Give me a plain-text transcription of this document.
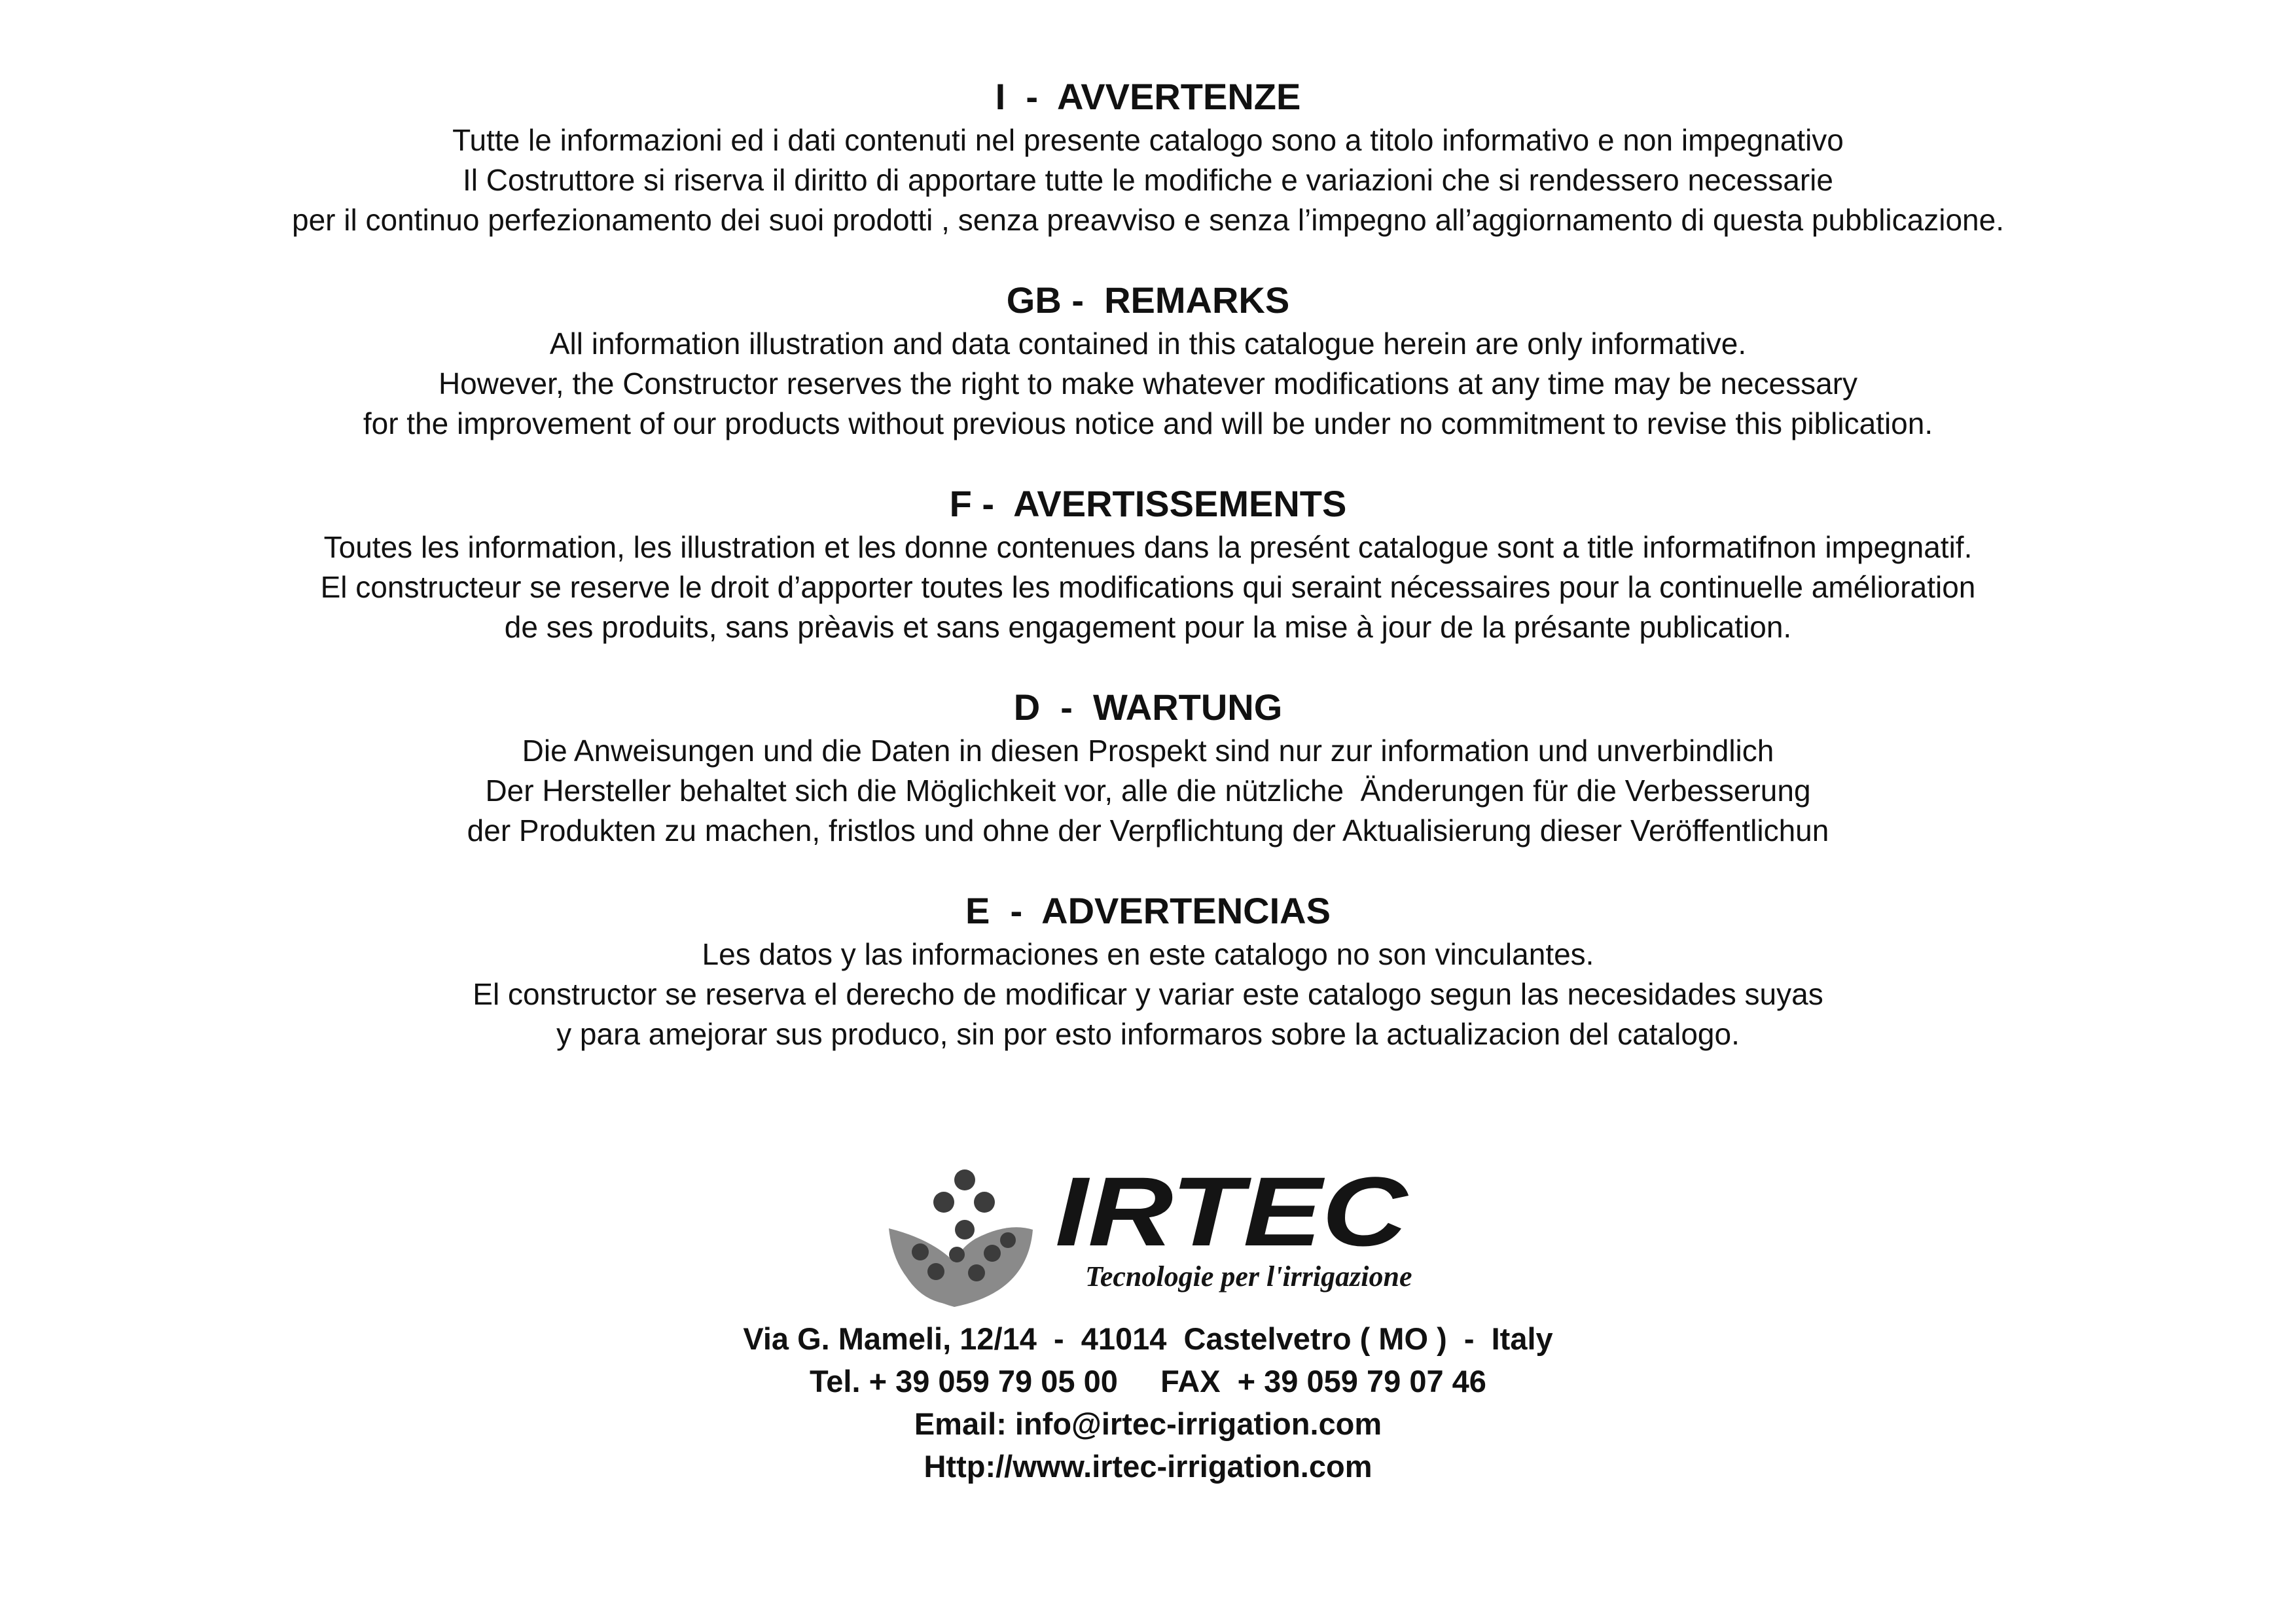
I  -  AVVERTENZE

Tutte le informazioni ed i dati contenuti nel presente catalogo sono a titolo informativo e non impegnativo

Il Costruttore si riserva il diritto di apportare tutte le modifiche e variazioni che si rendessero necessarie

per il continuo perfezionamento dei suoi prodotti , senza preavviso e senza l’impegno all’aggiornamento di questa pubblicazione.

GB -  REMARKS

All information illustration and data contained in this catalogue herein are only informative.

However, the Constructor reserves the right to make whatever modifications at any time may be necessary

for the improvement of our products without previous notice and will be under no commitment to revise this piblication.

F -  AVERTISSEMENTS

Toutes les information, les illustration et les donne contenues dans la presént catalogue sont a title informatifnon impegnatif.

El constructeur se reserve le droit d’apporter toutes les modifications qui seraint nécessaires pour la continuelle amélioration

de ses produits, sans prèavis et sans engagement pour la mise à jour de la présante publication.

D  -  WARTUNG

Die Anweisungen und die Daten in diesen Prospekt sind nur zur information und unverbindlich

Der Hersteller behaltet sich die Möglichkeit vor, alle die nützliche  Änderungen für die Verbesserung

der Produkten zu machen, fristlos und ohne der Verpflichtung der Aktualisierung dieser Veröffentlichun

E  -  ADVERTENCIAS

Les datos y las informaciones en este catalogo no son vinculantes.

El constructor se reserva el derecho de modificar y variar este catalogo segun las necesidades suyas

y para amejorar sus produco, sin por esto informaros sobre la actualizacion del catalogo.

IRTEC
Tecnologie per l'irrigazione

Via G. Mameli, 12/14  -  41014  Castelvetro ( MO )  -  Italy

Tel. + 39 059 79 05 00     FAX  + 39 059 79 07 46

Email: info@irtec-irrigation.com

Http://www.irtec-irrigation.com
